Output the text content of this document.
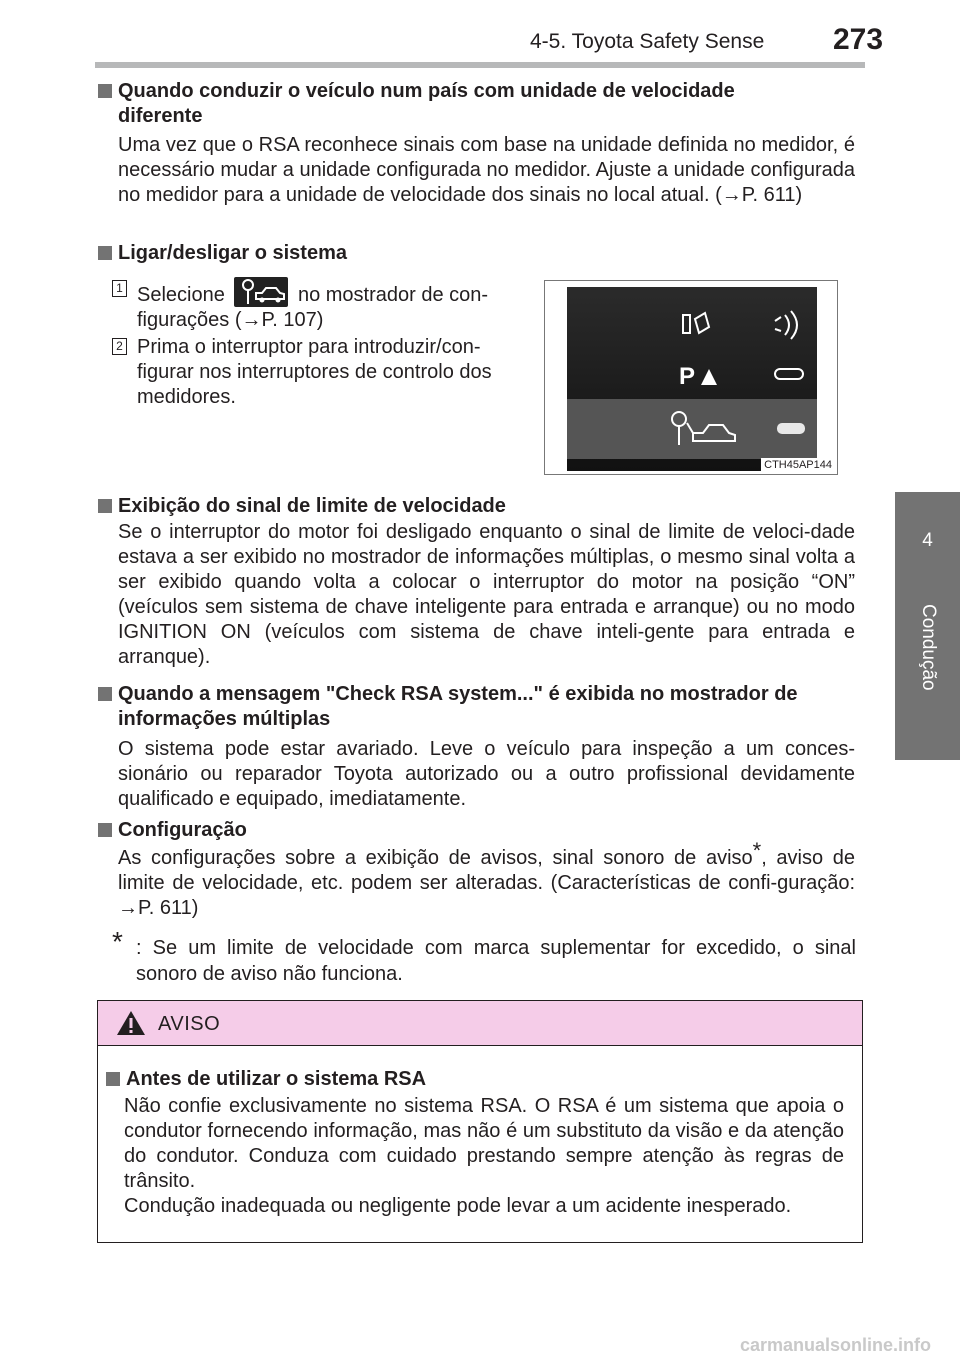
4-5. Toyota Safety Sense 273
4
Condução
Quando conduzir o veículo num país com unidade de velocidade
diferente
Uma vez que o RSA reconhece sinais com base na unidade definida no medidor, é necessário mudar a unidade configurada no medidor. Ajuste a unidade configurada no medidor para a unidade de velocidade dos sinais no local atual. (→P. 611)
Ligar/desligar o sistema
1 Selecione	no mostrador de con-figurações (→P. 107)
2 Prima o interruptor para introduzir/con-figurar nos interruptores de controlo dos medidores.
P
CTH45AP144
Exibição do sinal de limite de velocidade
Se o interruptor do motor foi desligado enquanto o sinal de limite de veloci-dade estava a ser exibido no mostrador de informações múltiplas, o mesmo sinal volta a ser exibido quando volta a colocar o interruptor do motor na posição “ON” (veículos sem sistema de chave inteligente para entrada e arranque) ou no modo IGNITION ON (veículos com sistema de chave inteli-gente para entrada e arranque).
Quando a mensagem "Check RSA system..." é exibida no mostrador de
informações múltiplas
O sistema pode estar avariado. Leve o veículo para inspeção a um conces-sionário ou reparador Toyota autorizado ou a outro profissional devidamente qualificado e equipado, imediatamente.
Configuração
As configurações sobre a exibição de avisos, sinal sonoro de aviso*, aviso de limite de velocidade, etc. podem ser alteradas. (Características de confi-guração: →P. 611)
* : Se um limite de velocidade com marca suplementar for excedido, o sinal sonoro de aviso não funciona.
AVISO
Antes de utilizar o sistema RSA
Não confie exclusivamente no sistema RSA. O RSA é um sistema que apoia o condutor fornecendo informação, mas não é um substituto da visão e da atenção do condutor. Conduza com cuidado prestando sempre atenção às regras de trânsito.
Condução inadequada ou negligente pode levar a um acidente inesperado.
carmanualsonline.info
